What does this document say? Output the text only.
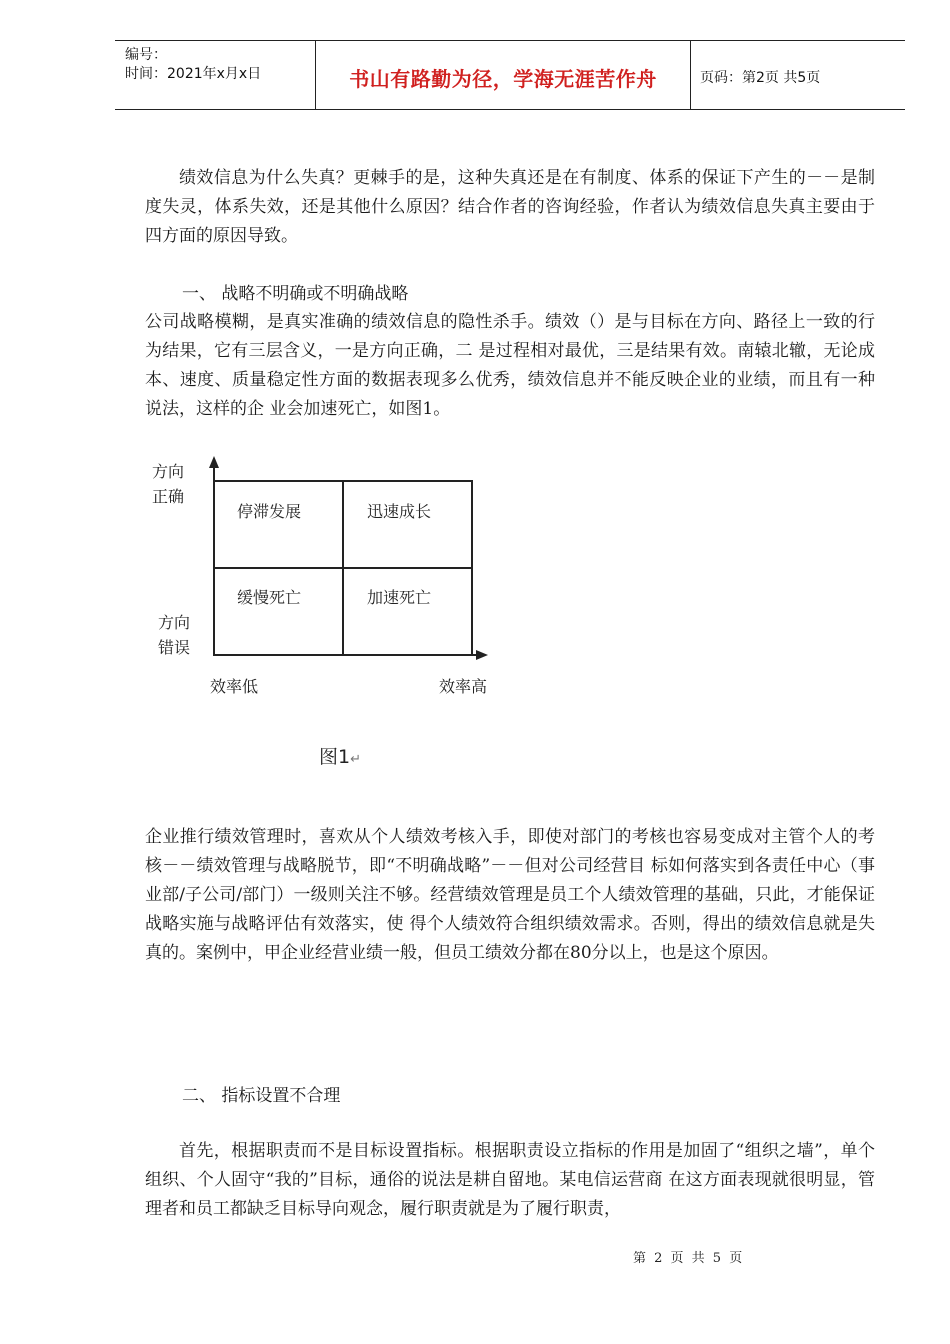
编号：
时间：2021年x月x日	书山有路勤为径，学海无涯苦作舟	页码：第2页 共5页

绩效信息为什么失真？更棘手的是，这种失真还是在有制度、体系的保证下产生的－－是制度失灵，体系失效，还是其他什么原因？结合作者的咨询经验，作者认为绩效信息失真主要由于四方面的原因导致。

一、 战略不明确或不明确战略

公司战略模糊，是真实准确的绩效信息的隐性杀手。绩效（）是与目标在方向、路径上一致的行为结果，它有三层含义，一是方向正确，二 是过程相对最优，三是结果有效。南辕北辙，无论成本、速度、质量稳定性方面的数据表现多么优秀，绩效信息并不能反映企业的业绩，而且有一种说法，这样的企 业会加速死亡，如图1。

方向
正确
方向
错误
停滞发展	迅速成长
缓慢死亡	加速死亡
效率低	效率高
图1↵

企业推行绩效管理时，喜欢从个人绩效考核入手，即使对部门的考核也容易变成对主管个人的考核－－绩效管理与战略脱节，即“不明确战略”－－但对公司经营目 标如何落实到各责任中心（事业部/子公司/部门）一级则关注不够。经营绩效管理是员工个人绩效管理的基础，只此，才能保证战略实施与战略评估有效落实，使 得个人绩效符合组织绩效需求。否则，得出的绩效信息就是失真的。案例中，甲企业经营业绩一般，但员工绩效分都在80分以上，也是这个原因。

二、 指标设置不合理

首先，根据职责而不是目标设置指标。根据职责设立指标的作用是加固了“组织之墙”，单个组织、个人固守“我的”目标，通俗的说法是耕自留地。某电信运营商 在这方面表现就很明显，管理者和员工都缺乏目标导向观念，履行职责就是为了履行职责，

第 2 页 共 5 页
